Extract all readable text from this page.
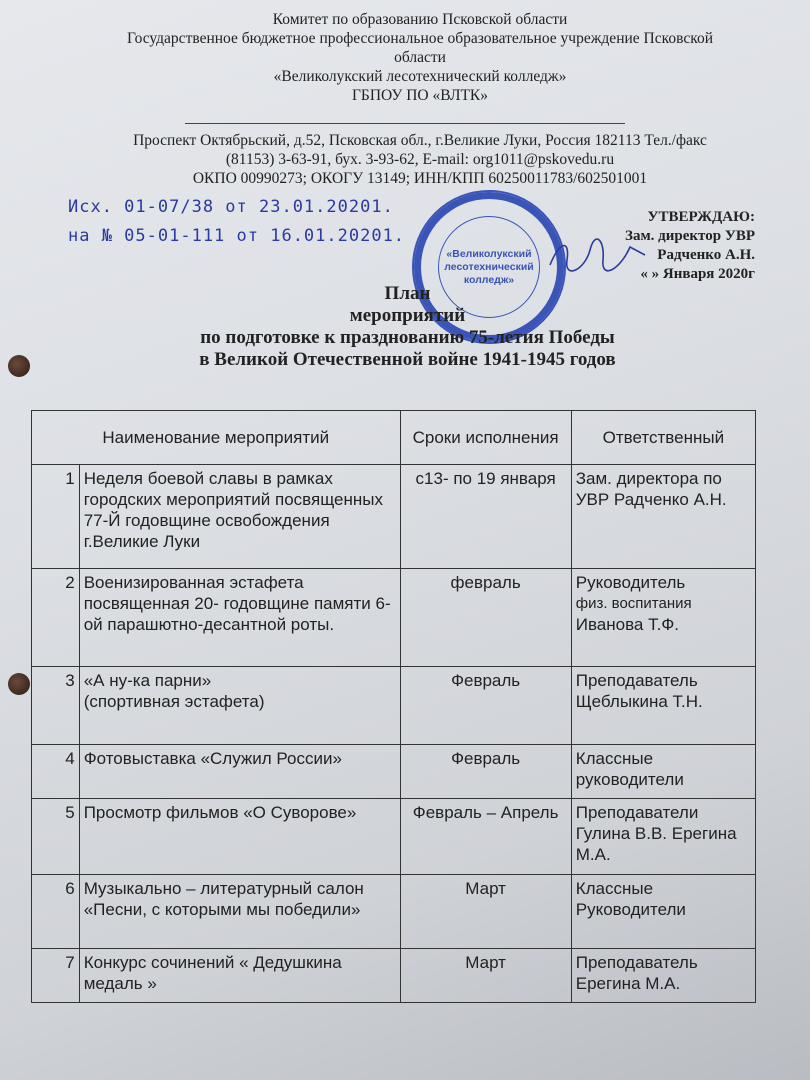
Комитет по образованию Псковской области
Государственное бюджетное профессиональное образовательное учреждение Псковской
области
«Великолукский лесотехнический колледж»
ГБПОУ ПО «ВЛТК»
Проспект Октябрьский, д.52, Псковская обл., г.Великие Луки, Россия 182113 Тел./факс
(81153) 3-63-91, бух. 3-93-62, E-mail: org1011@pskovedu.ru
ОКПО 00990273; ОКОГУ 13149; ИНН/КПП 60250011783/602501001
Исх. 01-07/38 от 23.01.20201.
на № 05-01-111 от 16.01.20201.
«Великолукский
лесотехнический
колледж»
УТВЕРЖДАЮ:
Зам. директор УВР
Радченко А.Н.
« » Января 2020г
План
мероприятий
по подготовке к празднованию 75-летия Победы
в Великой Отечественной войне 1941-1945 годов
Наименование мероприятий		Сроки исполнения	Ответственный
1	Неделя боевой славы в рамках городских мероприятий посвященных 77-Й годовщине освобождения г.Великие Луки	с13- по 19 января	Зам. директора по УВР Радченко А.Н.
2	Военизированная эстафета посвященная 20- годовщине памяти 6-ой парашютно-десантной роты.	февраль	Руководитель
физ. воспитания
Иванова Т.Ф.

3	«А ну-ка парни»
(спортивная эстафета)	Февраль	Преподаватель Щеблыкина Т.Н.
4	Фотовыставка «Служил России»	Февраль	Классные руководители
5	Просмотр фильмов «О Суворове»	Февраль – Апрель	Преподаватели Гулина В.В. Ерегина М.А.
6	Музыкально – литературный салон «Песни, с которыми мы победили»	Март	Классные Руководители
7	Конкурс сочинений « Дедушкина медаль »	Март	Преподаватель Ерегина М.А.
